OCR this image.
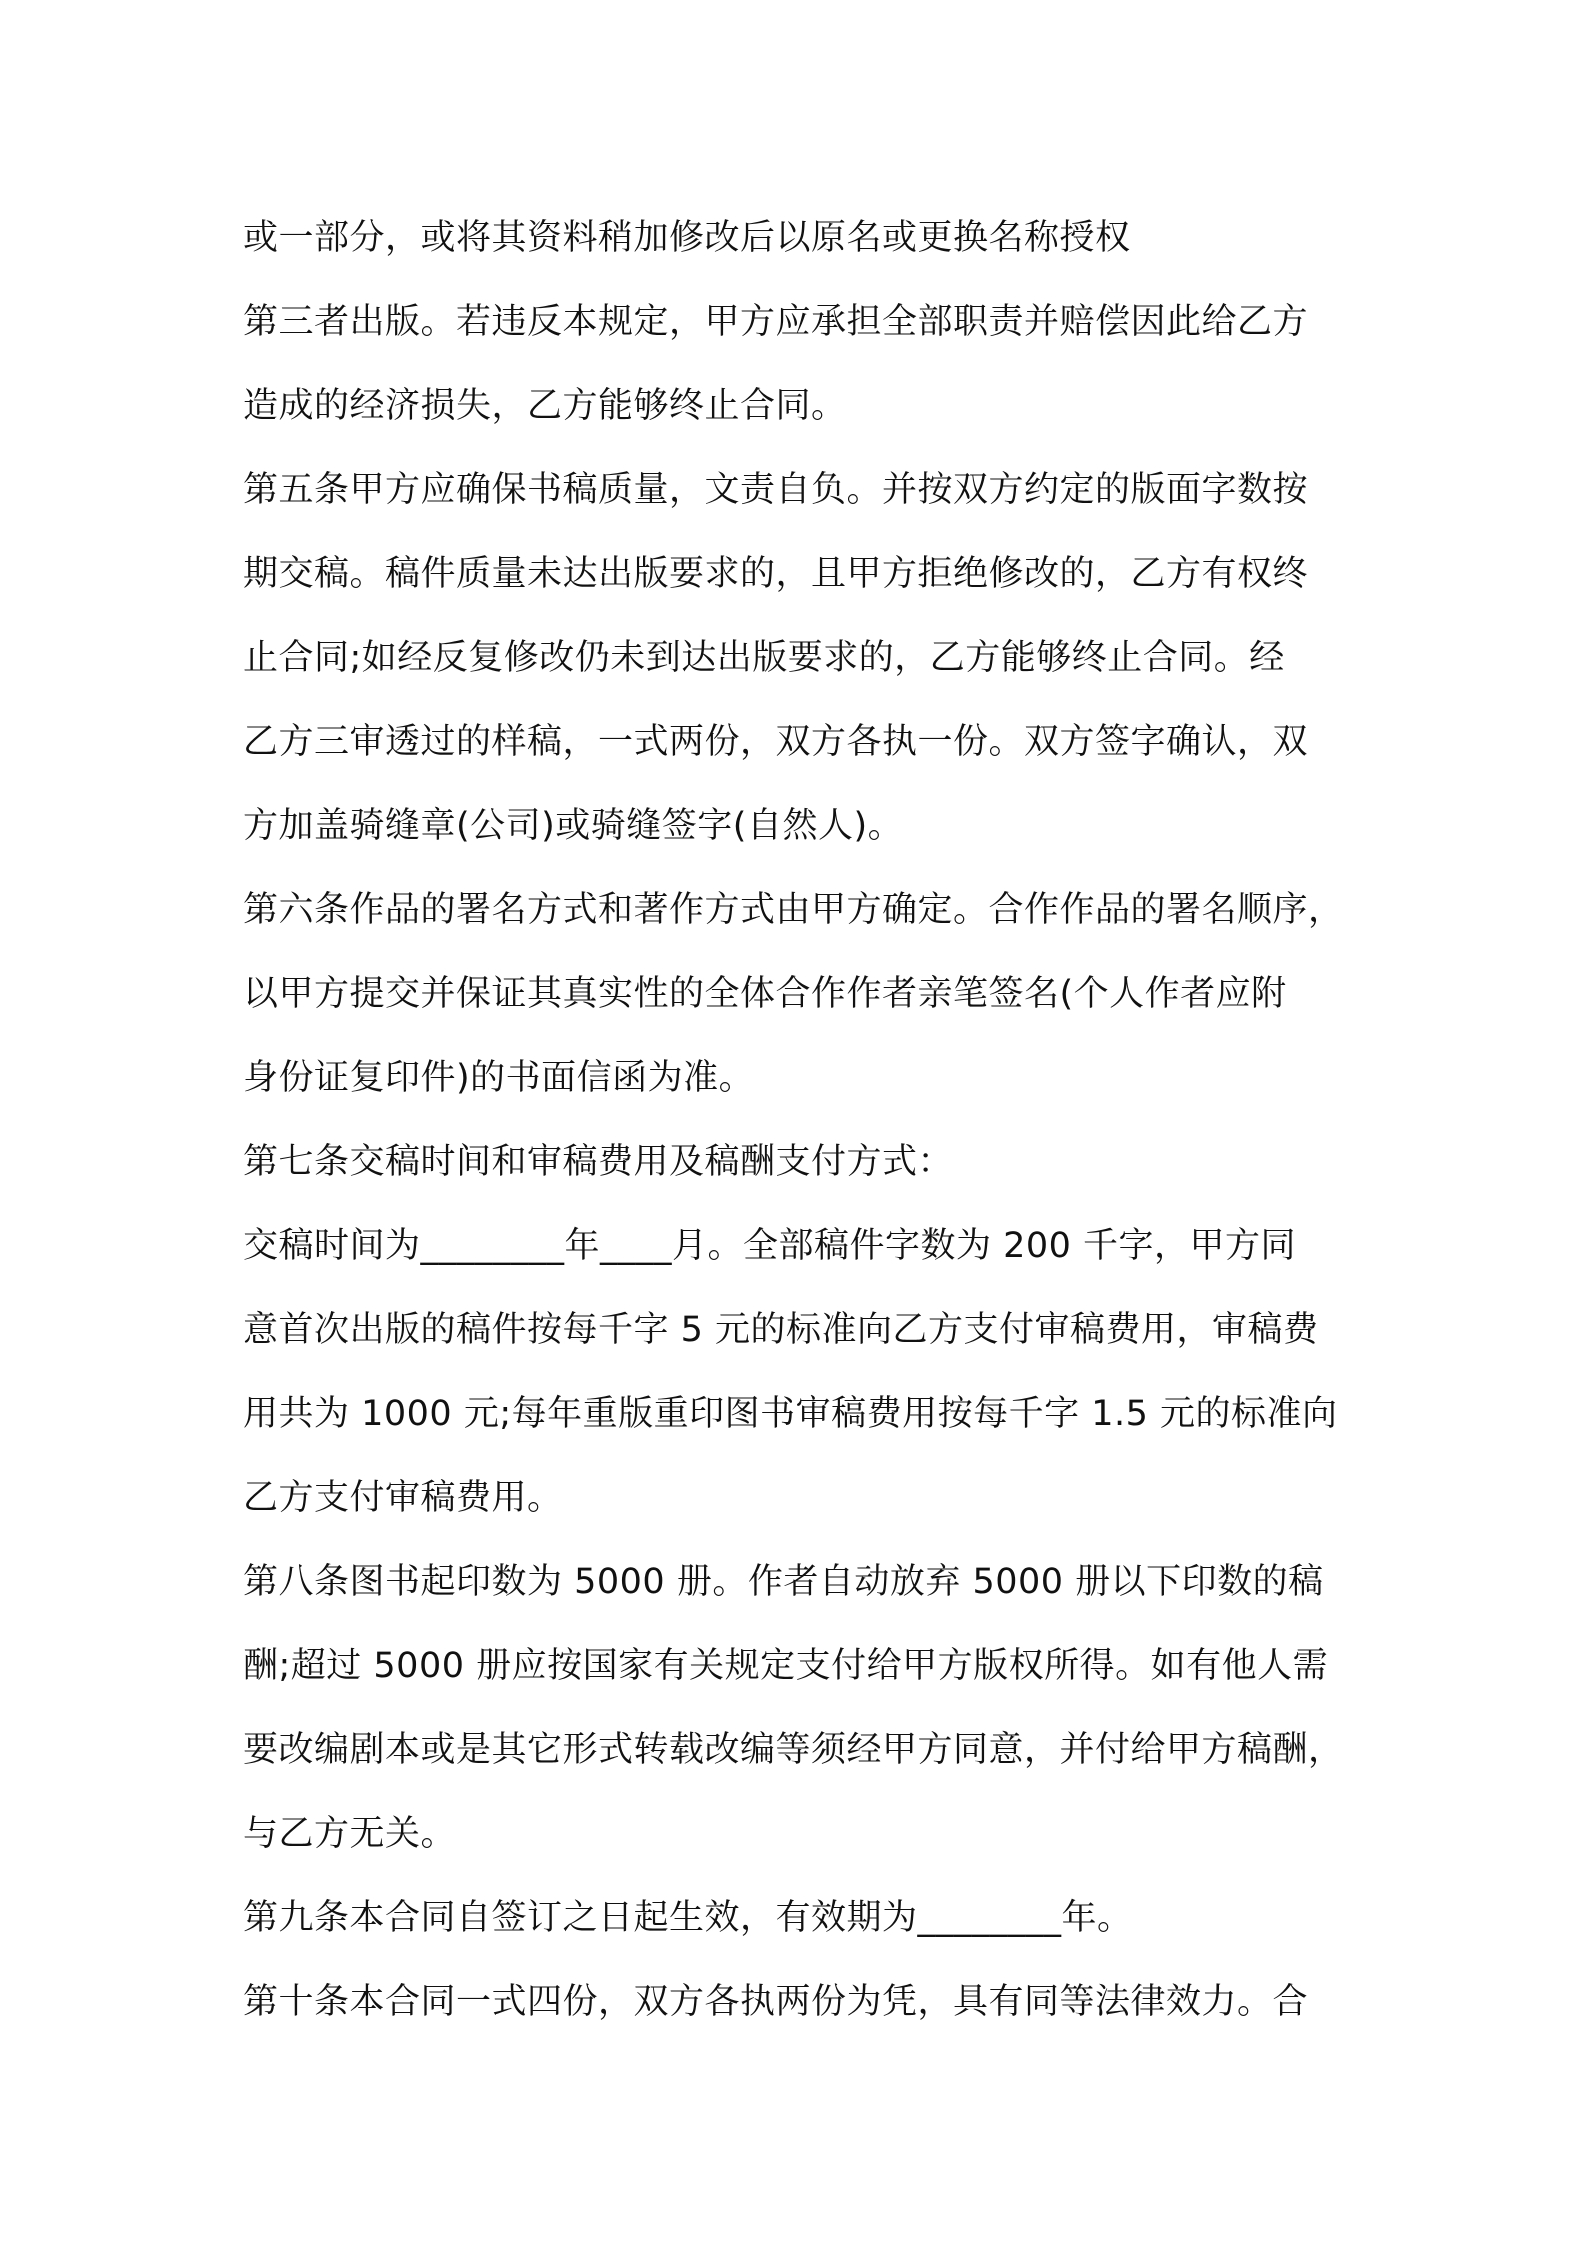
或一部分，或将其资料稍加修改后以原名或更换名称授权
第三者出版。若违反本规定，甲方应承担全部职责并赔偿因此给乙方
造成的经济损失，乙方能够终止合同。
第五条甲方应确保书稿质量，文责自负。并按双方约定的版面字数按
期交稿。稿件质量未达出版要求的，且甲方拒绝修改的，乙方有权终
止合同;如经反复修改仍未到达出版要求的，乙方能够终止合同。经
乙方三审透过的样稿，一式两份，双方各执一份。双方签字确认，双
方加盖骑缝章(公司)或骑缝签字(自然人)。
第六条作品的署名方式和著作方式由甲方确定。合作作品的署名顺序，
以甲方提交并保证其真实性的全体合作作者亲笔签名(个人作者应附
身份证复印件)的书面信函为准。
第七条交稿时间和审稿费用及稿酬支付方式：
交稿时间为________年____月。全部稿件字数为 200 千字，甲方同
意首次出版的稿件按每千字 5 元的标准向乙方支付审稿费用，审稿费
用共为 1000 元;每年重版重印图书审稿费用按每千字 1.5 元的标准向
乙方支付审稿费用。
第八条图书起印数为 5000 册。作者自动放弃 5000 册以下印数的稿
酬;超过 5000 册应按国家有关规定支付给甲方版权所得。如有他人需
要改编剧本或是其它形式转载改编等须经甲方同意，并付给甲方稿酬，
与乙方无关。
第九条本合同自签订之日起生效，有效期为________年。
第十条本合同一式四份，双方各执两份为凭，具有同等法律效力。合
